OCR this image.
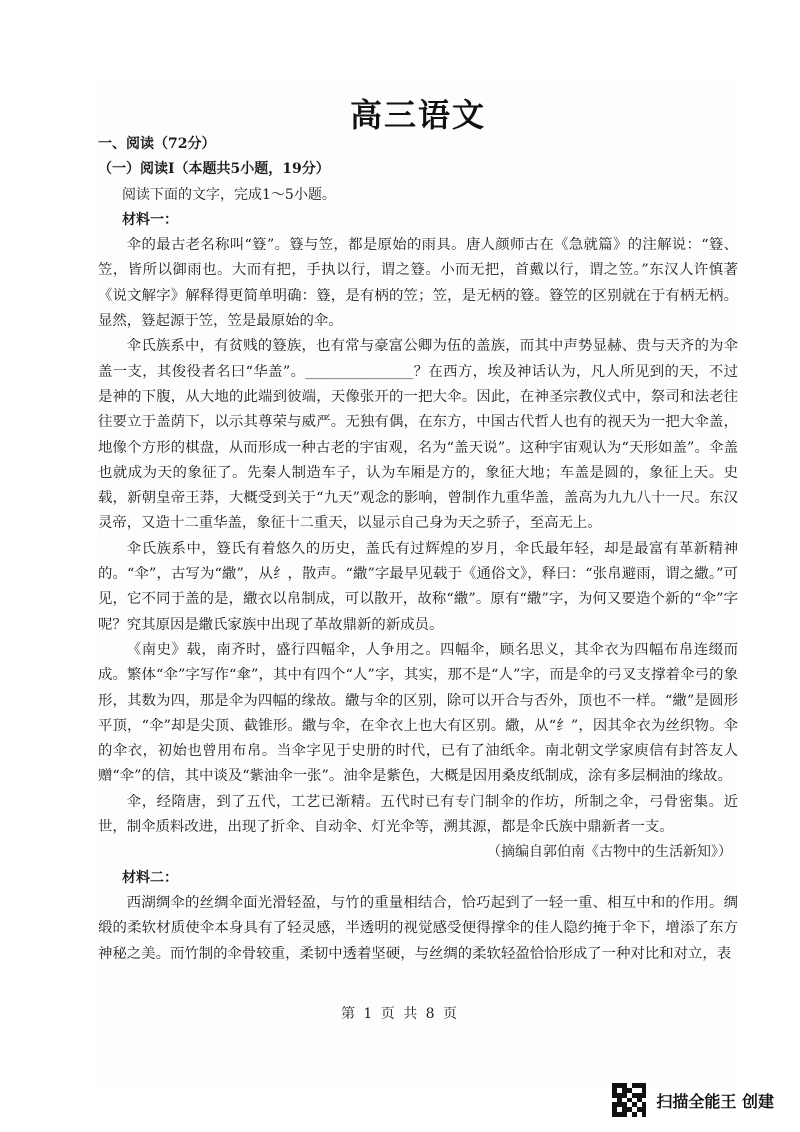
高三语文
一、阅读（72分）
（一）阅读Ⅰ（本题共5小题，19分）
阅读下面的文字，完成1～5小题。
材料一：

伞的最古老名称叫“簦”。簦与笠，都是原始的雨具。唐人颜师古在《急就篇》的注解说：“簦、笠，皆所以御雨也。大而有把，手执以行，谓之簦。小而无把，首戴以行，谓之笠。”东汉人许慎著《说文解字》解释得更简单明确：簦，是有柄的笠；笠，是无柄的簦。簦笠的区别就在于有柄无柄。显然，簦起源于笠，笠是最原始的伞。

伞氏族系中，有贫贱的簦族，也有常与豪富公卿为伍的盖族，而其中声势显赫、贵与天齐的为伞盖一支，其俊役者名曰“华盖”。_______________？在西方，埃及神话认为，凡人所见到的天，不过是神的下腹，从大地的此端到彼端，天像张开的一把大伞。因此，在神圣宗教仪式中，祭司和法老往往要立于盖荫下，以示其尊荣与威严。无独有偶，在东方，中国古代哲人也有的视天为一把大伞盖，地像个方形的棋盘，从而形成一种古老的宇宙观，名为“盖天说”。这种宇宙观认为“天形如盖”。伞盖也就成为天的象征了。先秦人制造车子，认为车厢是方的，象征大地；车盖是圆的，象征上天。史载，新朝皇帝王莽，大概受到关于“九天”观念的影响，曾制作九重华盖，盖高为九九八十一尺。东汉灵帝，又造十二重华盖，象征十二重天，以显示自己身为天之骄子，至高无上。

伞氏族系中，簦氏有着悠久的历史，盖氏有过辉煌的岁月，伞氏最年轻，却是最富有革新精神的。“伞”，古写为“繖”，从纟，散声。“繖”字最早见载于《通俗文》，释曰：“张帛避雨，谓之繖。”可见，它不同于盖的是，繖衣以帛制成，可以散开，故称“繖”。原有“繖”字，为何又要造个新的“伞”字呢？究其原因是繖氏家族中出现了革故鼎新的新成员。

《南史》载，南齐时，盛行四幅伞，人争用之。四幅伞，顾名思义，其伞衣为四幅布帛连缀而成。繁体“伞”字写作“傘”，其中有四个“人”字，其实，那不是“人”字，而是伞的弓叉支撑着伞弓的象形，其数为四，那是伞为四幅的缘故。繖与伞的区别，除可以开合与否外，顶也不一样。“繖”是圆形平顶，“伞”却是尖顶、截锥形。繖与伞，在伞衣上也大有区别。繖，从“纟”，因其伞衣为丝织物。伞的伞衣，初始也曾用布帛。当伞字见于史册的时代，已有了油纸伞。南北朝文学家庾信有封答友人赠“伞”的信，其中谈及“紫油伞一张”。油伞是紫色，大概是因用桑皮纸制成，涂有多层桐油的缘故。

伞，经隋唐，到了五代，工艺已渐精。五代时已有专门制伞的作坊，所制之伞，弓骨密集。近世，制伞质料改进，出现了折伞、自动伞、灯光伞等，溯其源，都是伞氏族中鼎新者一支。

（摘编自郭伯南《古物中的生活新知》）
材料二：

西湖绸伞的丝绸伞面光滑轻盈，与竹的重量相结合，恰巧起到了一轻一重、相互中和的作用。绸缎的柔软材质使伞本身具有了轻灵感，半透明的视觉感受便得撑伞的佳人隐约掩于伞下，增添了东方神秘之美。而竹制的伞骨较重，柔韧中透着坚硬，与丝绸的柔软轻盈恰恰形成了一种对比和对立，表

第 1 页 共 8 页
扫描全能王 创建
